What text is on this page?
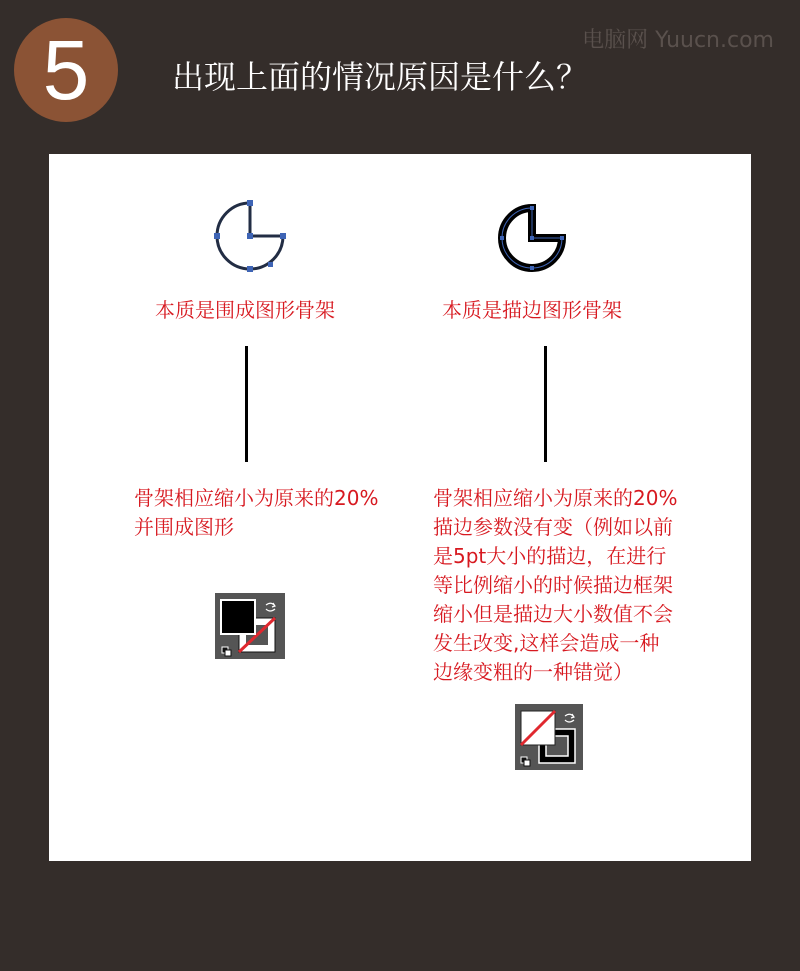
5	出现上面的情况原因是什么？
电脑网 Yuucn.com
本质是围成图形骨架	本质是描边图形骨架
骨架相应缩小为原来的20%
并围成图形
骨架相应缩小为原来的20%
描边参数没有变（例如以前
是5pt大小的描边，在进行
等比例缩小的时候描边框架
缩小但是描边大小数值不会
发生改变,这样会造成一种
边缘变粗的一种错觉）
